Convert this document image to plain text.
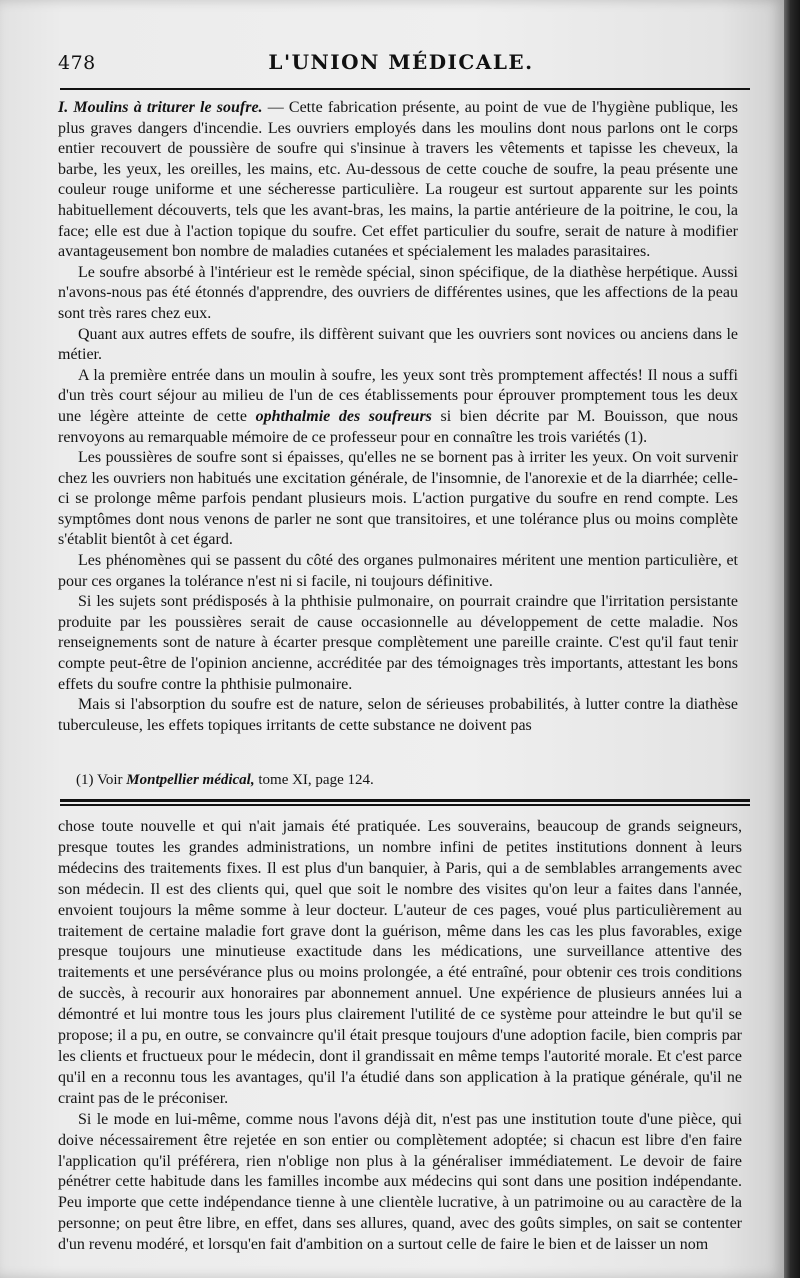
478	L'UNION MÉDICALE.

I. Moulins à triturer le soufre. — Cette fabrication présente, au point de vue de l'hygiène publique, les plus graves dangers d'incendie. Les ouvriers employés dans les moulins dont nous parlons ont le corps entier recouvert de poussière de soufre qui s'insinue à travers les vêtements et tapisse les cheveux, la barbe, les yeux, les oreilles, les mains, etc. Au-dessous de cette couche de soufre, la peau présente une couleur rouge uniforme et une sécheresse particulière. La rougeur est surtout apparente sur les points habituellement découverts, tels que les avant-bras, les mains, la partie antérieure de la poitrine, le cou, la face; elle est due à l'action topique du soufre. Cet effet particulier du soufre, serait de nature à modifier avantageusement bon nombre de maladies cutanées et spécialement les malades parasitaires.

Le soufre absorbé à l'intérieur est le remède spécial, sinon spécifique, de la diathèse herpétique. Aussi n'avons-nous pas été étonnés d'apprendre, des ouvriers de différentes usines, que les affections de la peau sont très rares chez eux.

Quant aux autres effets de soufre, ils diffèrent suivant que les ouvriers sont novices ou anciens dans le métier.

A la première entrée dans un moulin à soufre, les yeux sont très promptement affectés! Il nous a suffi d'un très court séjour au milieu de l'un de ces établissements pour éprouver promptement tous les deux une légère atteinte de cette ophthalmie des soufreurs si bien décrite par M. Bouisson, que nous renvoyons au remarquable mémoire de ce professeur pour en connaître les trois variétés (1).

Les poussières de soufre sont si épaisses, qu'elles ne se bornent pas à irriter les yeux. On voit survenir chez les ouvriers non habitués une excitation générale, de l'insomnie, de l'anorexie et de la diarrhée; celle-ci se prolonge même parfois pendant plusieurs mois. L'action purgative du soufre en rend compte. Les symptômes dont nous venons de parler ne sont que transitoires, et une tolérance plus ou moins complète s'établit bientôt à cet égard.

Les phénomènes qui se passent du côté des organes pulmonaires méritent une mention particulière, et pour ces organes la tolérance n'est ni si facile, ni toujours définitive.

Si les sujets sont prédisposés à la phthisie pulmonaire, on pourrait craindre que l'irritation persistante produite par les poussières serait de cause occasionnelle au développement de cette maladie. Nos renseignements sont de nature à écarter presque complètement une pareille crainte. C'est qu'il faut tenir compte peut-être de l'opinion ancienne, accréditée par des témoignages très importants, attestant les bons effets du soufre contre la phthisie pulmonaire.

Mais si l'absorption du soufre est de nature, selon de sérieuses probabilités, à lutter contre la diathèse tuberculeuse, les effets topiques irritants de cette substance ne doivent pas

(1) Voir Montpellier médical, tome XI, page 124.

chose toute nouvelle et qui n'ait jamais été pratiquée. Les souverains, beaucoup de grands seigneurs, presque toutes les grandes administrations, un nombre infini de petites institutions donnent à leurs médecins des traitements fixes. Il est plus d'un banquier, à Paris, qui a de semblables arrangements avec son médecin. Il est des clients qui, quel que soit le nombre des visites qu'on leur a faites dans l'année, envoient toujours la même somme à leur docteur. L'auteur de ces pages, voué plus particulièrement au traitement de certaine maladie fort grave dont la guérison, même dans les cas les plus favorables, exige presque toujours une minutieuse exactitude dans les médications, une surveillance attentive des traitements et une persévérance plus ou moins prolongée, a été entraîné, pour obtenir ces trois conditions de succès, à recourir aux honoraires par abonnement annuel. Une expérience de plusieurs années lui a démontré et lui montre tous les jours plus clairement l'utilité de ce système pour atteindre le but qu'il se propose; il a pu, en outre, se convaincre qu'il était presque toujours d'une adoption facile, bien compris par les clients et fructueux pour le médecin, dont il grandissait en même temps l'autorité morale. Et c'est parce qu'il en a reconnu tous les avantages, qu'il l'a étudié dans son application à la pratique générale, qu'il ne craint pas de le préconiser.

Si le mode en lui-même, comme nous l'avons déjà dit, n'est pas une institution toute d'une pièce, qui doive nécessairement être rejetée en son entier ou complètement adoptée; si chacun est libre d'en faire l'application qu'il préférera, rien n'oblige non plus à la généraliser immédiatement. Le devoir de faire pénétrer cette habitude dans les familles incombe aux médecins qui sont dans une position indépendante. Peu importe que cette indépendance tienne à une clientèle lucrative, à un patrimoine ou au caractère de la personne; on peut être libre, en effet, dans ses allures, quand, avec des goûts simples, on sait se contenter d'un revenu modéré, et lorsqu'en fait d'ambition on a surtout celle de faire le bien et de laisser un nom
